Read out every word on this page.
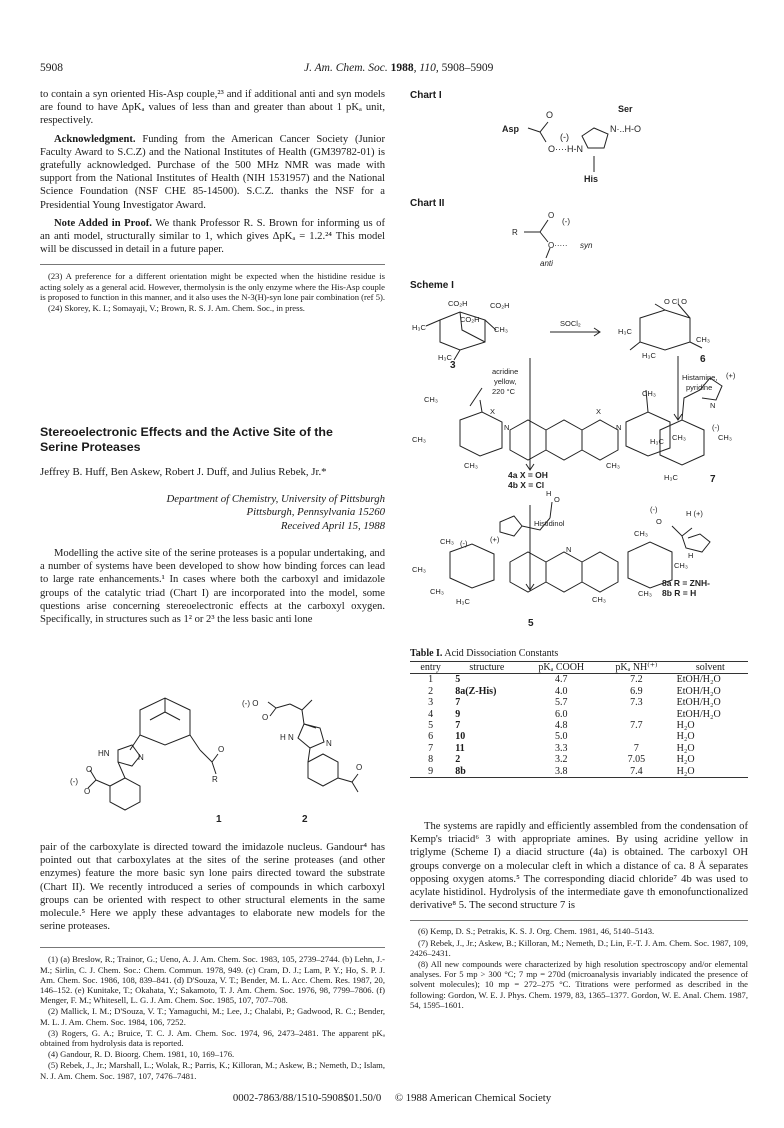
5908	J. Am. Chem. Soc. 1988, 110, 5908–5909

to contain a syn oriented His-Asp couple,²³ and if additional anti and syn models are found to have ΔpKₐ values of less than and greater than about 1 pKₐ unit, respectively.

Acknowledgment. Funding from the American Cancer Society (Junior Faculty Award to S.C.Z) and the National Institutes of Health (GM39782-01) is gratefully acknowledged. Purchase of the 500 MHz NMR was made with support from the National Institutes of Health (NIH 1531957) and the National Science Foundation (NSF CHE 85-14500). S.C.Z. thanks the NSF for a Presidential Young Investigator Award.

Note Added in Proof. We thank Professor R. S. Brown for informing us of an anti model, structurally similar to 1, which gives ΔpKₐ = 1.2.²⁴ This model will be discussed in detail in a future paper.

(23) A preference for a different orientation might be expected when the histidine residue is acting solely as a general acid. However, thermolysin is the only enzyme where the His-Asp couple is proposed to function in this manner, and it also uses the N-3(H)-syn lone pair combination (ref 5).

(24) Skorey, K. I.; Somayaji, V.; Brown, R. S. J. Am. Chem. Soc., in press.

Stereoelectronic Effects and the Active Site of the Serine Proteases
Jeffrey B. Huff, Ben Askew, Robert J. Duff, and Julius Rebek, Jr.*
Department of Chemistry, University of Pittsburgh
Pittsburgh, Pennsylvania 15260
Received April 15, 1988

Modelling the active site of the serine proteases is a popular undertaking, and a number of systems have been developed to show how binding forces can lead to large rate enhancements.¹ In cases where both the carboxyl and imidazole groups of the catalytic triad (Chart I) are incorporated into the model, some questions arise concerning stereoelectronic effects at the carboxyl oxygen. Specifically, in structures such as 1² or 2³ the less basic anti lone

HN	N
(-)
O
O
R
O
(-) O
O
H N
N
O
1	2

pair of the carboxylate is directed toward the imidazole nucleus. Gandour⁴ has pointed out that carboxylates at the sites of the serine proteases (and other enzymes) feature the more basic syn lone pairs directed toward the substrate (Chart II). We recently introduced a series of compounds in which carboxyl groups can be oriented with respect to other structural elements in the same molecule.⁵ Here we apply these advantages to elaborate new models for the serine proteases.

(1) (a) Breslow, R.; Trainor, G.; Ueno, A. J. Am. Chem. Soc. 1983, 105, 2739–2744. (b) Lehn, J.-M.; Sirlin, C. J. Chem. Soc.: Chem. Commun. 1978, 949. (c) Cram, D. J.; Lam, P. Y.; Ho, S. P. J. Am. Chem. Soc. 1986, 108, 839–841. (d) D'Souza, V. T.; Bender, M. L. Acc. Chem. Res. 1987, 20, 146–152. (e) Kunitake, T.; Okahata, Y.; Sakamoto, T. J. Am. Chem. Soc. 1976, 98, 7799–7806. (f) Menger, F. M.; Whitesell, L. G. J. Am. Chem. Soc. 1985, 107, 707–708.

(2) Mallick, I. M.; D'Souza, V. T.; Yamaguchi, M.; Lee, J.; Chalabi, P.; Gadwood, R. C.; Bender, M. L. J. Am. Chem. Soc. 1984, 106, 7252.

(3) Rogers, G. A.; Bruice, T. C. J. Am. Chem. Soc. 1974, 96, 2473–2481. The apparent pKₐ obtained from hydrolysis data is reported.

(4) Gandour, R. D. Bioorg. Chem. 1981, 10, 169–176.

(5) Rebek, J., Jr.; Marshall, L.; Wolak, R.; Parris, K.; Killoran, M.; Askew, B.; Nemeth, D.; Islam, N. J. Am. Chem. Soc. 1987, 107, 7476–7481.

Chart I
Asp
O
O····H-N
(-)
N·..H-O
Ser
His
Chart II
R
O
(-)
O····· syn
anti
Scheme I
CO₂H	CO₂H
CO₂H
H₃C	CH₃
H₃C
3
SOCl₂
O Cl O
H₃C
CH₃
H₃C	6
acridine
yellow,
220 °C
Histamine,
pyridine
CH₃
X	X
CH₃
CH₃
N	N
CH₃	CH₃
CH₃
N
(+)
H₃C	CH₃
(-)
H₃C	7
4a X = OH
4b X = Cl
Histidinol
(-)
O
H (+)
H
8a R = ZNH-
8b R = H
CH₃ (-)	(+)
H
O
CH₃
N
CH₃	CH₃
CH₃	CH₃
H₃C	CH₃
5
Table I. Acid Dissociation Constants
entry	structure	pKₐ COOH	pKₐ NH⁽⁺⁾	solvent
1	5	4.7	7.2	EtOH/H₂O
2	8a(Z-His)	4.0	6.9	EtOH/H₂O
3	7	5.7	7.3	EtOH/H₂O
4	9	6.0		EtOH/H₂O
5	7	4.8	7.7	H₂O
6	10	5.0		H₂O
7	11	3.3	7	H₂O
8	2	3.2	7.05	H₂O
9	8b	3.8	7.4	H₂O

The systems are rapidly and efficiently assembled from the condensation of Kemp's triacid⁶ 3 with appropriate amines. By using acridine yellow in triglyme (Scheme I) a diacid structure (4a) is obtained. The carboxyl OH groups converge on a molecular cleft in which a distance of ca. 8 Å separates opposing oxygen atoms.⁵ The corresponding diacid chloride⁷ 4b was used to acylate histidinol. Hydrolysis of the intermediate gave th emonofunctionalized derivative⁸ 5. The second structure 7 is

(6) Kemp, D. S.; Petrakis, K. S. J. Org. Chem. 1981, 46, 5140–5143.

(7) Rebek, J., Jr.; Askew, B.; Killoran, M.; Nemeth, D.; Lin, F.-T. J. Am. Chem. Soc. 1987, 109, 2426–2431.

(8) All new compounds were characterized by high resolution spectroscopy and/or elemental analyses. For 5 mp > 300 °C; 7 mp = 270d (microanalysis invariably indicated the presence of solvent molecules); 10 mp = 272–275 °C. Titrations were performed as described in the following: Gordon, W. E. J. Phys. Chem. 1979, 83, 1365–1377. Gordon, W. E. Anal. Chem. 1987, 54, 1595–1601.

0002-7863/88/1510-5908$01.50/0 © 1988 American Chemical Society
